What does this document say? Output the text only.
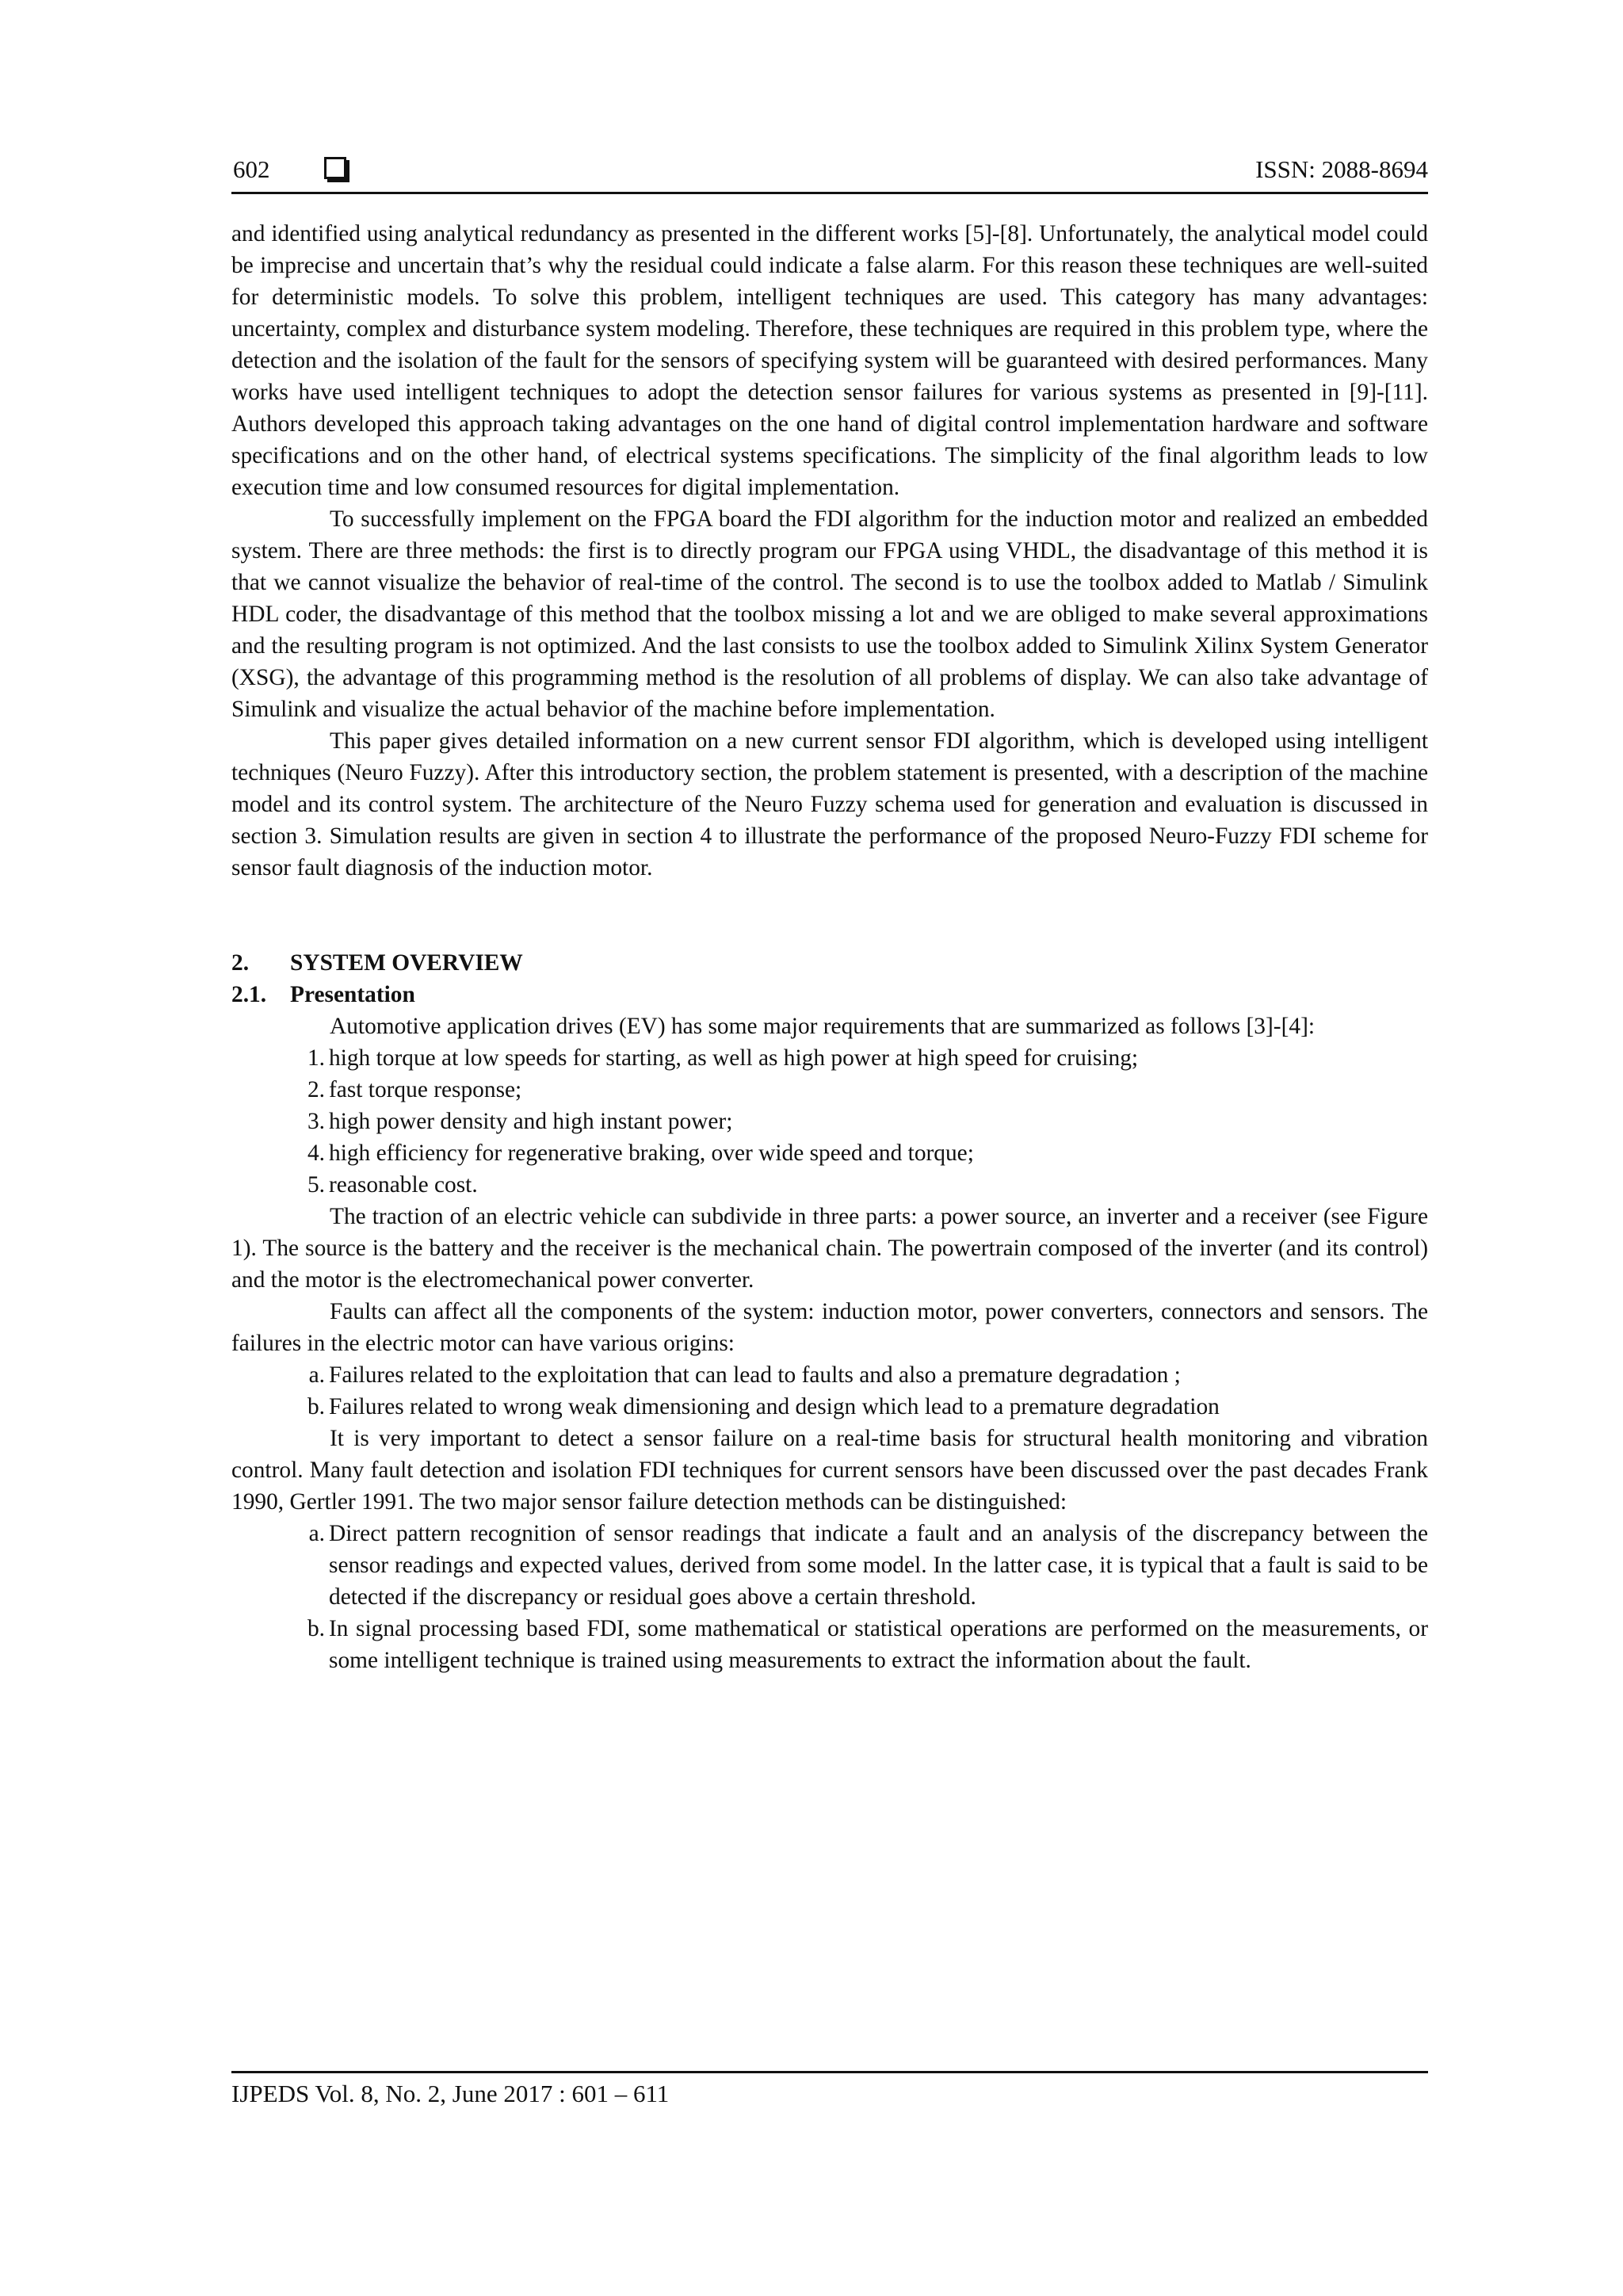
602	ISSN: 2088-8694

and identified using analytical redundancy as presented in the different works [5]-[8]. Unfortunately, the analytical model could be imprecise and uncertain that’s why the residual could indicate a false alarm. For this reason these techniques are well-suited for deterministic models. To solve this problem, intelligent techniques are used. This category has many advantages: uncertainty, complex and disturbance system modeling. Therefore, these techniques are required in this problem type, where the detection and the isolation of the fault for the sensors of specifying system will be guaranteed with desired performances. Many works have used intelligent techniques to adopt the detection sensor failures for various systems as presented in [9]-[11]. Authors developed this approach taking advantages on the one hand of digital control implementation hardware and software specifications and on the other hand, of electrical systems specifications. The simplicity of the final algorithm leads to low execution time and low consumed resources for digital implementation.

To successfully implement on the FPGA board the FDI algorithm for the induction motor and realized an embedded system. There are three methods: the first is to directly program our FPGA using VHDL, the disadvantage of this method it is that we cannot visualize the behavior of real-time of the control. The second is to use the toolbox added to Matlab / Simulink HDL coder, the disadvantage of this method that the toolbox missing a lot and we are obliged to make several approximations and the resulting program is not optimized. And the last consists to use the toolbox added to Simulink Xilinx System Generator (XSG), the advantage of this programming method is the resolution of all problems of display. We can also take advantage of Simulink and visualize the actual behavior of the machine before implementation.

This paper gives detailed information on a new current sensor FDI algorithm, which is developed using intelligent techniques (Neuro Fuzzy). After this introductory section, the problem statement is presented, with a description of the machine model and its control system. The architecture of the Neuro Fuzzy schema used for generation and evaluation is discussed in section 3. Simulation results are given in section 4 to illustrate the performance of the proposed Neuro-Fuzzy FDI scheme for sensor fault diagnosis of the induction motor.

2. SYSTEM OVERVIEW
2.1. Presentation

Automotive application drives (EV) has some major requirements that are summarized as follows [3]-[4]:

1. high torque at low speeds for starting, as well as high power at high speed for cruising;
2. fast torque response;
3. high power density and high instant power;
4. high efficiency for regenerative braking, over wide speed and torque;
5. reasonable cost.

The traction of an electric vehicle can subdivide in three parts: a power source, an inverter and a receiver (see Figure 1). The source is the battery and the receiver is the mechanical chain. The powertrain composed of the inverter (and its control) and the motor is the electromechanical power converter.

Faults can affect all the components of the system: induction motor, power converters, connectors and sensors. The failures in the electric motor can have various origins:

a. Failures related to the exploitation that can lead to faults and also a premature degradation ;
b. Failures related to wrong weak dimensioning and design which lead to a premature degradation

It is very important to detect a sensor failure on a real-time basis for structural health monitoring and vibration control. Many fault detection and isolation FDI techniques for current sensors have been discussed over the past decades Frank 1990, Gertler 1991. The two major sensor failure detection methods can be distinguished:

a. Direct pattern recognition of sensor readings that indicate a fault and an analysis of the discrepancy between the sensor readings and expected values, derived from some model. In the latter case, it is typical that a fault is said to be detected if the discrepancy or residual goes above a certain threshold.
b. In signal processing based FDI, some mathematical or statistical operations are performed on the measurements, or some intelligent technique is trained using measurements to extract the information about the fault.
IJPEDS Vol. 8, No. 2, June 2017 : 601 – 611
